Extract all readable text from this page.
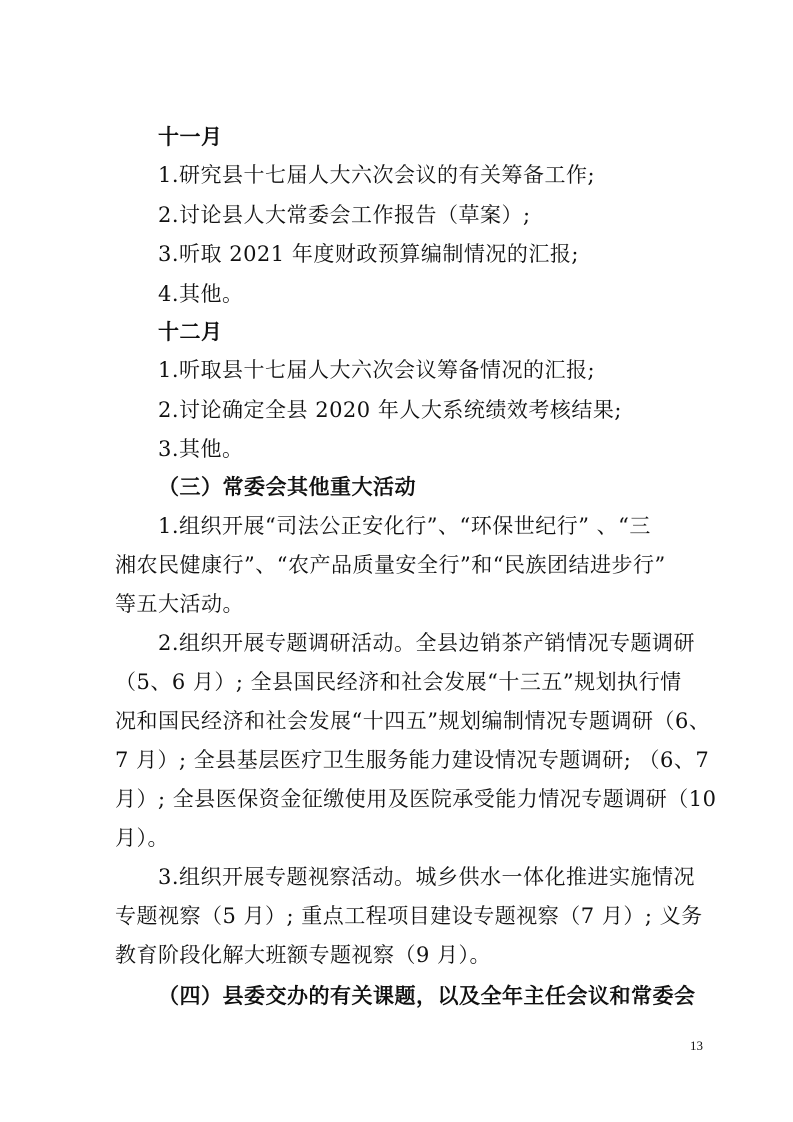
十一月
1.研究县十七届人大六次会议的有关筹备工作;
2.讨论县人大常委会工作报告（草案）;
3.听取 2021 年度财政预算编制情况的汇报;
4.其他。
十二月
1.听取县十七届人大六次会议筹备情况的汇报;
2.讨论确定全县 2020 年人大系统绩效考核结果;
3.其他。
（三）常委会其他重大活动
1.组织开展“司法公正安化行”、“环保世纪行” 、“三
湘农民健康行”、“农产品质量安全行”和“民族团结进步行”
等五大活动。
2.组织开展专题调研活动。全县边销茶产销情况专题调研
（5、6 月）; 全县国民经济和社会发展“十三五”规划执行情
况和国民经济和社会发展“十四五”规划编制情况专题调研（6、
7 月）; 全县基层医疗卫生服务能力建设情况专题调研; （6、7
月）; 全县医保资金征缴使用及医院承受能力情况专题调研（10
月）。
3.组织开展专题视察活动。城乡供水一体化推进实施情况
专题视察（5 月）; 重点工程项目建设专题视察（7 月）; 义务
教育阶段化解大班额专题视察（9 月）。
（四）县委交办的有关课题，以及全年主任会议和常委会
13
